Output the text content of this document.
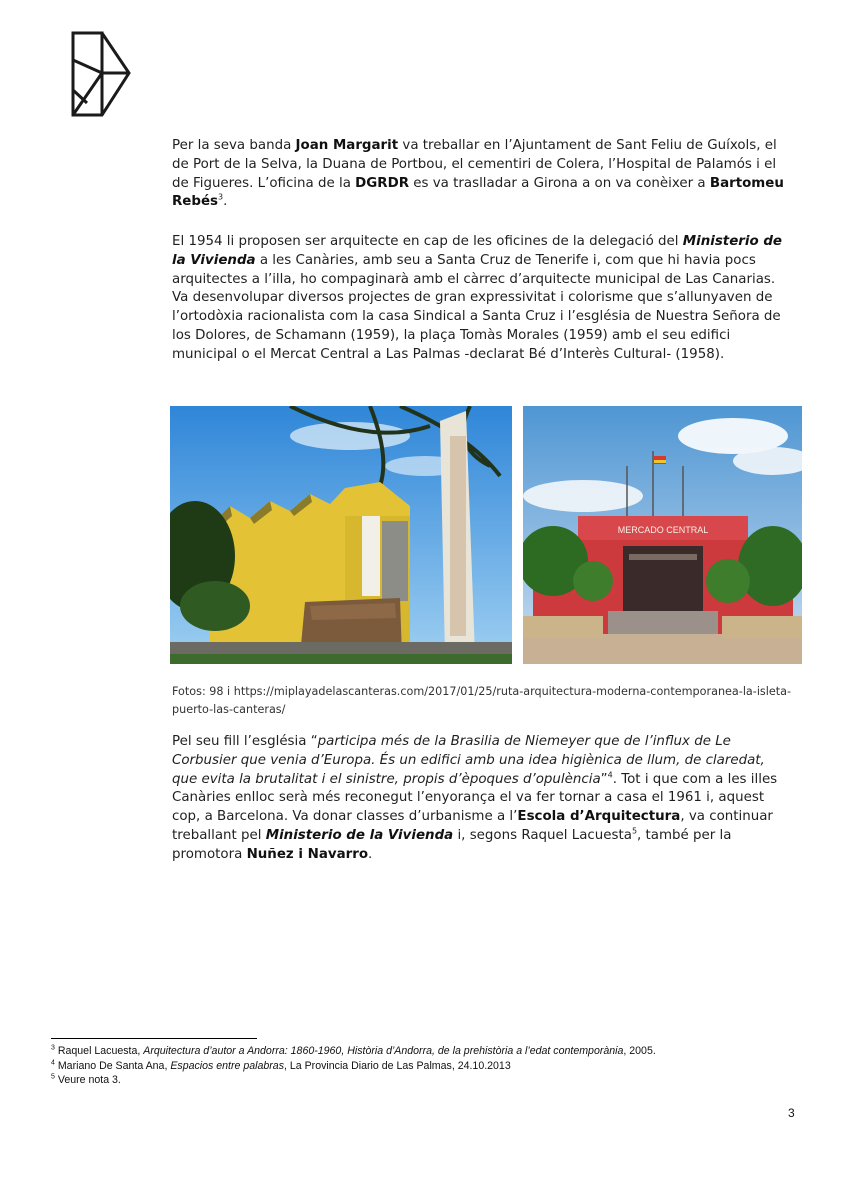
Per la seva banda Joan Margarit va treballar en l’Ajuntament de Sant Feliu de Guíxols, el de Port de la Selva, la Duana de Portbou, el cementiri de Colera, l’Hospital de Palamós i el de Figueres. L’oficina de la DGRDR es va traslladar a Girona a on va conèixer a Bartomeu Rebés$^3$.

El 1954 li proposen ser arquitecte en cap de les oficines de la delegació del Ministerio de la Vivienda a les Canàries, amb seu a Santa Cruz de Tenerife i, com que hi havia pocs arquitectes a l’illa, ho compaginarà amb el càrrec d’arquitecte municipal de Las Canarias. Va desenvolupar diversos projectes de gran expressivitat i colorisme que s’allunyaven de l’ortodòxia racionalista com la casa Sindical a Santa Cruz i l’església de Nuestra Señora de los Dolores, de Schamann (1959), la plaça Tomàs Morales (1959) amb el seu edifici municipal o el Mercat Central a Las Palmas -declarat Bé d’Interès Cultural- (1958).

MERCADO CENTRAL
Fotos: 98 i https://miplayadelascanteras.com/2017/01/25/ruta-arquitectura-moderna-contemporanea-la-isleta-puerto-las-canteras/

Pel seu fill l’església “participa més de la Brasilia de Niemeyer que de l’influx de Le Corbusier que venia d’Europa. És un edifici amb una idea higiènica de llum, de claredat, que evita la brutalitat i el sinistre, propis d’èpoques d’opulència”$^4$. Tot i que com a les illes Canàries enlloc serà més reconegut l’enyorança el va fer tornar a casa el 1961 i, aquest cop, a Barcelona. Va donar classes d’urbanisme a l’Escola d’Arquitectura, va continuar treballant pel Ministerio de la Vivienda i, segons Raquel Lacuesta$^5$, també per la promotora Nuñez i Navarro.

$^3$ Raquel Lacuesta, Arquitectura d’autor a Andorra: 1860-1960, Història d’Andorra, de la prehistòria a l’edat contemporània, 2005.
$^4$ Mariano De Santa Ana, Espacios entre palabras, La Provincia Diario de Las Palmas, 24.10.2013
$^5$ Veure nota 3.
3
